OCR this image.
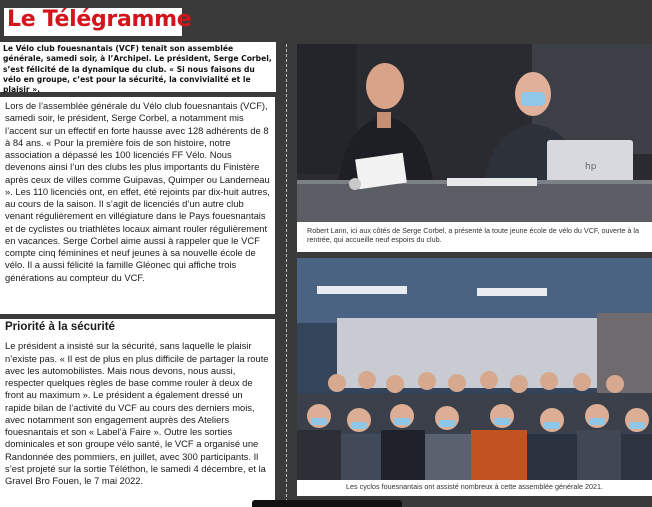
Le Télégramme
Le Vélo club fouesnantais (VCF) tenait son assemblée générale, samedi soir, à l’Archipel. Le président, Serge Corbel, s’est félicité de la dynamique du club. « Si nous faisons du vélo en groupe, c’est pour la sécurité, la convivialité et le plaisir ».

Lors de l’assemblée générale du Vélo club fouesnantais (VCF), samedi soir, le président, Serge Corbel, a notamment mis l’accent sur un effectif en forte hausse avec 128 adhérents de 8 à 84 ans. « Pour la première fois de son histoire, notre association a dépassé les 100 licenciés FF Vélo. Nous devenons ainsi l’un des clubs les plus importants du Finistère après ceux de villes comme Guipavas, Quimper ou Landerneau ». Les 110 licenciés ont, en effet, été rejoints par dix-huit autres, au cours de la saison. Il s’agit de licenciés d’un autre club venant régulièrement en villégiature dans le Pays fouesnantais et de cyclistes ou triathlètes locaux aimant rouler régulièrement en vacances. Serge Corbel aime aussi à rappeler que le VCF compte cinq féminines et neuf jeunes à sa nouvelle école de vélo. Il a aussi félicité la famille Gléonec qui affiche trois générations au compteur du VCF.

Priorité à la sécurité

Le président a insisté sur la sécurité, sans laquelle le plaisir n’existe pas. « Il est de plus en plus difficile de partager la route avec les automobilistes. Mais nous devons, nous aussi, respecter quelques règles de base comme rouler à deux de front au maximum ». Le président a également dressé un rapide bilan de l’activité du VCF au cours des derniers mois, avec notamment son engagement auprès des Ateliers fouesnantais et son « Label’à Faire ». Outre les sorties dominicales et son groupe vélo santé, le VCF a organisé une Randonnée des pommiers, en juillet, avec 300 participants. Il s’est projeté sur la sortie Téléthon, le samedi 4 décembre, et la Gravel Bro Fouen, le 7 mai 2022.

hp
Robert Lann, ici aux côtés de Serge Corbel, a présenté la toute jeune école de vélo du VCF, ouverte à la rentrée, qui accueille neuf espoirs du club.
Les cyclos fouesnantais ont assisté nombreux à cette assemblée générale 2021.
